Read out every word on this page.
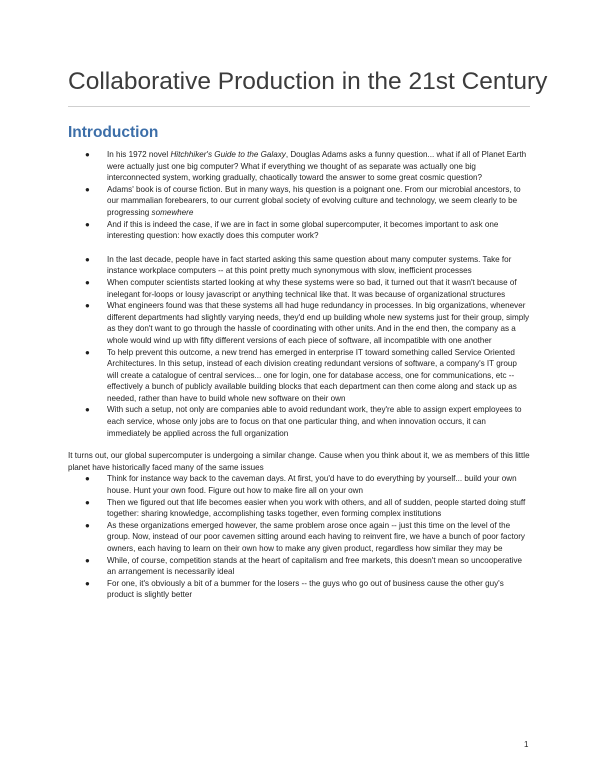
Collaborative Production in the 21st Century
Introduction
● In his 1972 novel Hitchhiker's Guide to the Galaxy, Douglas Adams asks a funny question... what if all of Planet Earth were actually just one big computer? What if everything we thought of as separate was actually one big interconnected system, working gradually, chaotically toward the answer to some great cosmic question?
● Adams' book is of course fiction. But in many ways, his question is a poignant one. From our microbial ancestors, to our mammalian forebearers, to our current global society of evolving culture and technology, we seem clearly to be progressing somewhere
● And if this is indeed the case, if we are in fact in some global supercomputer, it becomes important to ask one interesting question: how exactly does this computer work?
● In the last decade, people have in fact started asking this same question about many computer systems. Take for instance workplace computers -- at this point pretty much synonymous with slow, inefficient processes
● When computer scientists started looking at why these systems were so bad, it turned out that it wasn't because of inelegant for-loops or lousy javascript or anything technical like that. It was because of organizational structures
● What engineers found was that these systems all had huge redundancy in processes. In big organizations, whenever different departments had slightly varying needs, they'd end up building whole new systems just for their group, simply as they don't want to go through the hassle of coordinating with other units. And in the end then, the company as a whole would wind up with fifty different versions of each piece of software, all incompatible with one another
● To help prevent this outcome, a new trend has emerged in enterprise IT toward something called Service Oriented Architectures. In this setup, instead of each division creating redundant versions of software, a company's IT group will create a catalogue of central services... one for login, one for database access, one for communications, etc -- effectively a bunch of publicly available building blocks that each department can then come along and stack up as needed, rather than have to build whole new software on their own
● With such a setup, not only are companies able to avoid redundant work, they're able to assign expert employees to each service, whose only jobs are to focus on that one particular thing, and when innovation occurs, it can immediately be applied across the full organization

It turns out, our global supercomputer is undergoing a similar change. Cause when you think about it, we as members of this little planet have historically faced many of the same issues

● Think for instance way back to the caveman days. At first, you'd have to do everything by yourself... build your own house. Hunt your own food. Figure out how to make fire all on your own
● Then we figured out that life becomes easier when you work with others, and all of sudden, people started doing stuff together: sharing knowledge, accomplishing tasks together, even forming complex institutions
● As these organizations emerged however, the same problem arose once again -- just this time on the level of the group. Now, instead of our poor cavemen sitting around each having to reinvent fire, we have a bunch of poor factory owners, each having to learn on their own how to make any given product, regardless how similar they may be
● While, of course, competition stands at the heart of capitalism and free markets, this doesn't mean so uncooperative an arrangement is necessarily ideal
● For one, it's obviously a bit of a bummer for the losers -- the guys who go out of business cause the other guy's product is slightly better
1
